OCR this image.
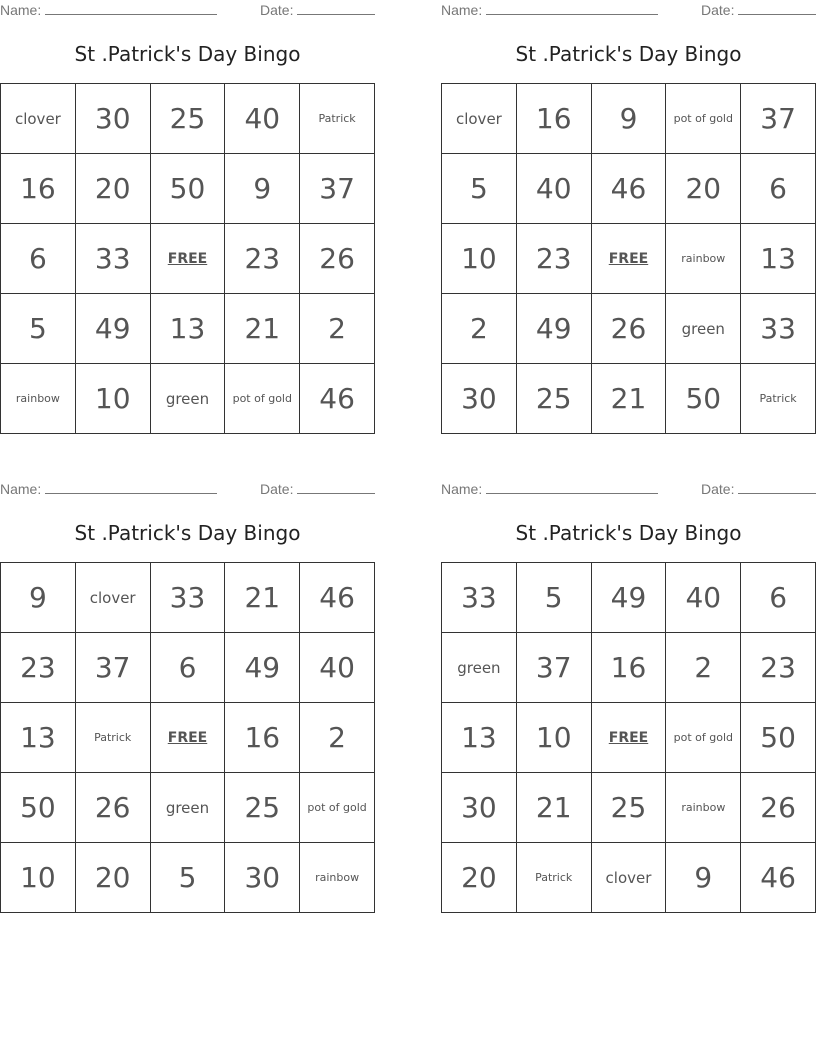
Name:	Date:
St .Patrick's Day Bingo
clover	30	25	40	Patrick
16	20	50	9	37
6	33	FREE	23	26
5	49	13	21	2
rainbow	10	green	pot of gold	46
Name:	Date:
St .Patrick's Day Bingo
clover	16	9	pot of gold	37
5	40	46	20	6
10	23	FREE	rainbow	13
2	49	26	green	33
30	25	21	50	Patrick
Name:	Date:
St .Patrick's Day Bingo
9	clover	33	21	46
23	37	6	49	40
13	Patrick	FREE	16	2
50	26	green	25	pot of gold
10	20	5	30	rainbow
Name:	Date:
St .Patrick's Day Bingo
33	5	49	40	6
green	37	16	2	23
13	10	FREE	pot of gold	50
30	21	25	rainbow	26
20	Patrick	clover	9	46
